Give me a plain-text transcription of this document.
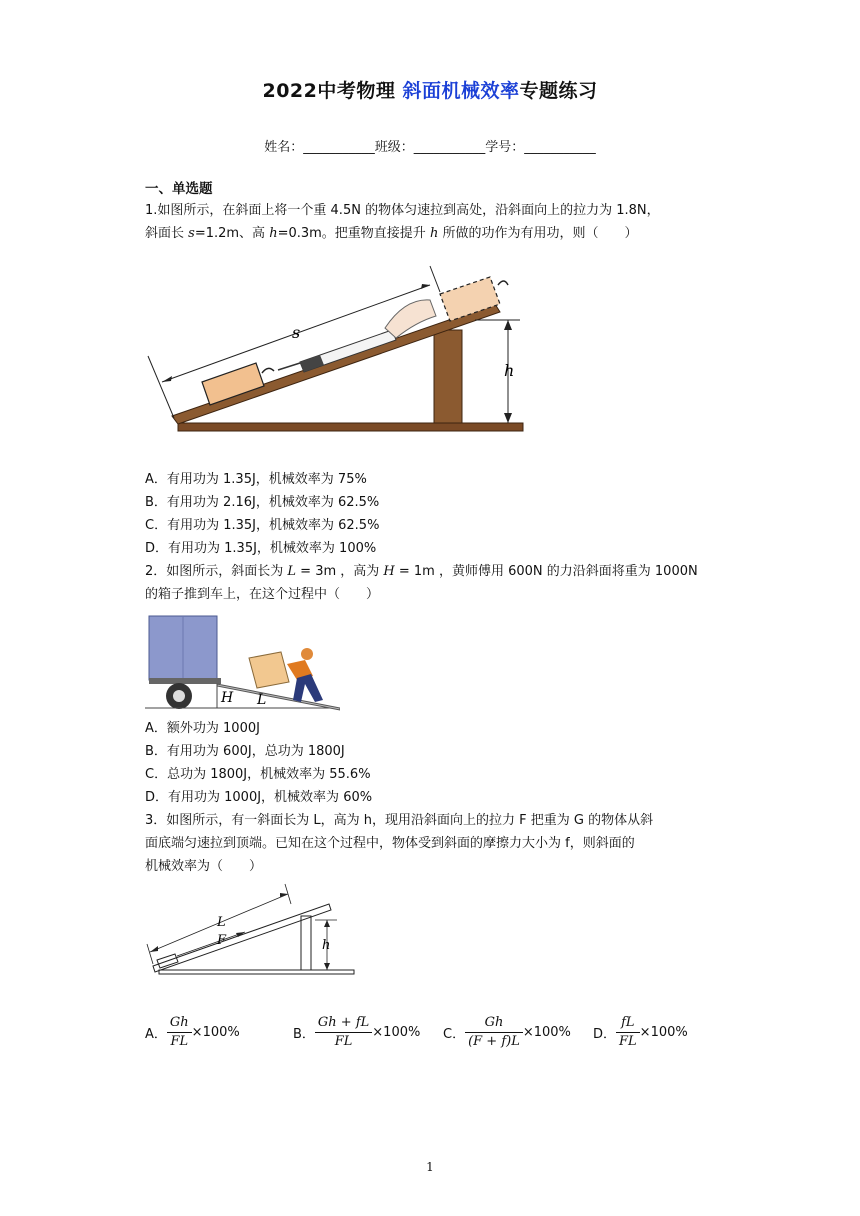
2022中考物理 斜面机械效率专题练习
姓名：___________班级：___________学号：___________
一、单选题
1.如图所示，在斜面上将一个重 4.5N 的物体匀速拉到高处，沿斜面向上的拉力为 1.8N，
斜面长 s=1.2m、高 h=0.3m。把重物直接提升 h 所做的功作为有用功，则（　　）
s
h
A．有用功为 1.35J，机械效率为 75%
B．有用功为 2.16J，机械效率为 62.5%
C．有用功为 1.35J，机械效率为 62.5%
D．有用功为 1.35J，机械效率为 100%
2．如图所示，斜面长为 L = 3m ，高为 H = 1m ，黄师傅用 600N 的力沿斜面将重为 1000N
的箱子推到车上，在这个过程中（　　）
H L
A．额外功为 1000J
B．有用功为 600J，总功为 1800J
C．总功为 1800J，机械效率为 55.6%
D．有用功为 1000J，机械效率为 60%
3．如图所示，有一斜面长为 L，高为 h，现用沿斜面向上的拉力 F 把重为 G 的物体从斜
面底端匀速拉到顶端。已知在这个过程中，物体受到斜面的摩擦力大小为 f，则斜面的
机械效率为（　　）
L
F	h
A． $\frac{Gh}{FL} \times 100\%$	B． $\frac{Gh + fL}{FL} \times 100\%$ C． $\frac{Gh}{(F + f)L} \times 100\%$ D． $\frac{fL}{FL} \times 100\%$
1
